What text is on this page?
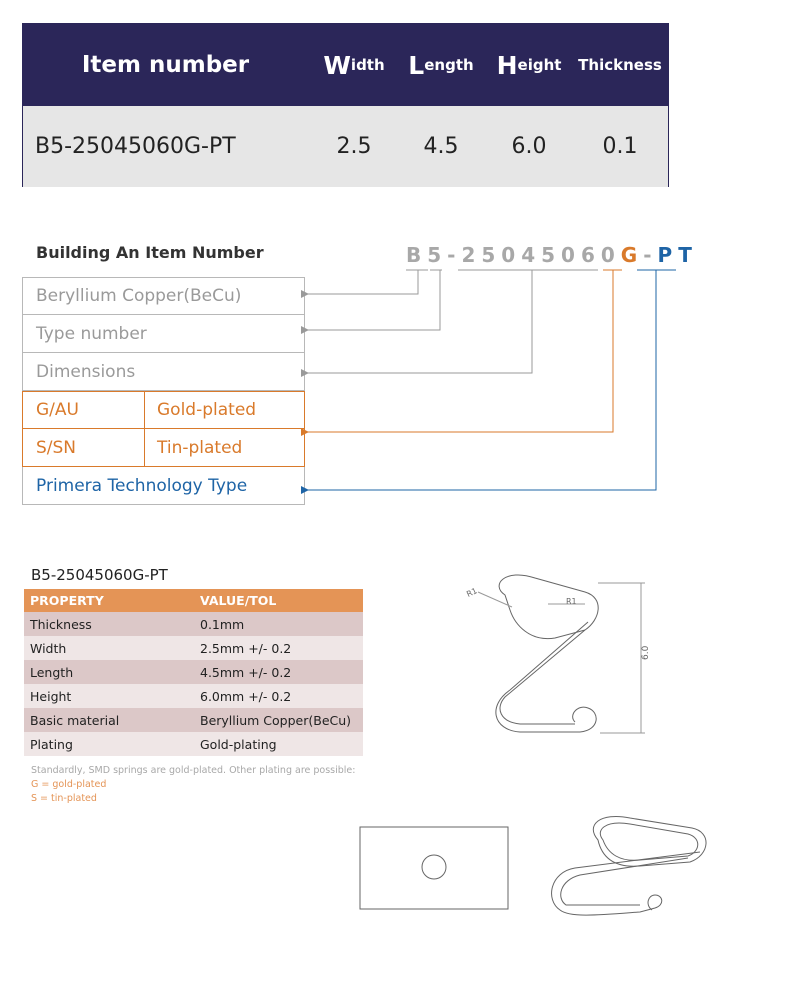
Item number	W idth L ength H eight Thickness
B5-25045060G-PT	2.5	4.5	6.0	0.1
Building An Item Number	B5-25045060G-PT
Beryllium Copper(BeCu)
Type number
Dimensions
G/AU	Gold-plated
S/SN	Tin-plated
Primera Technology Type
B5-25045060G-PT
PROPERTY	VALUE/TOL
Thickness	0.1mm
Width	2.5mm +/- 0.2
Length	4.5mm +/- 0.2
Height	6.0mm +/- 0.2
Basic material	Beryllium Copper(BeCu)
Plating	Gold-plating
Standardly, SMD springs are gold-plated. Other plating are possible:
G = gold-plated
S = tin-plated
R1
R1
6.0
